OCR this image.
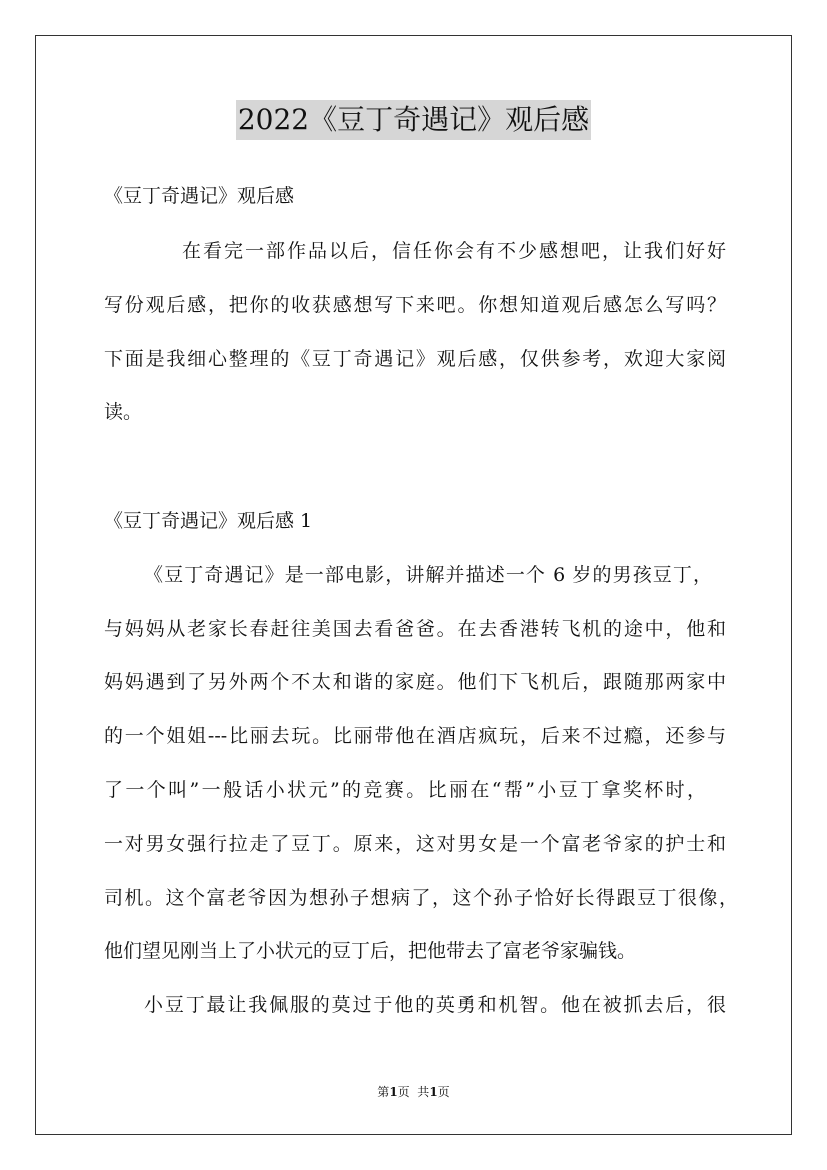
2022《豆丁奇遇记》观后感
《豆丁奇遇记》观后感
在看完一部作品以后，信任你会有不少感想吧，让我们好好
写份观后感，把你的收获感想写下来吧。你想知道观后感怎么写吗？
下面是我细心整理的《豆丁奇遇记》观后感，仅供参考，欢迎大家阅
读。
《豆丁奇遇记》观后感 1
《豆丁奇遇记》是一部电影，讲解并描述一个 6 岁的男孩豆丁，
与妈妈从老家长春赶往美国去看爸爸。在去香港转飞机的途中，他和
妈妈遇到了另外两个不太和谐的家庭。他们下飞机后，跟随那两家中
的一个姐姐---比丽去玩。比丽带他在酒店疯玩，后来不过瘾，还参与
了一个叫”一般话小状元”的竞赛。比丽在“帮”小豆丁拿奖杯时，
一对男女强行拉走了豆丁。原来，这对男女是一个富老爷家的护士和
司机。这个富老爷因为想孙子想病了，这个孙子恰好长得跟豆丁很像，
他们望见刚当上了小状元的豆丁后，把他带去了富老爷家骗钱。
小豆丁最让我佩服的莫过于他的英勇和机智。他在被抓去后，很
第1页  共1页
